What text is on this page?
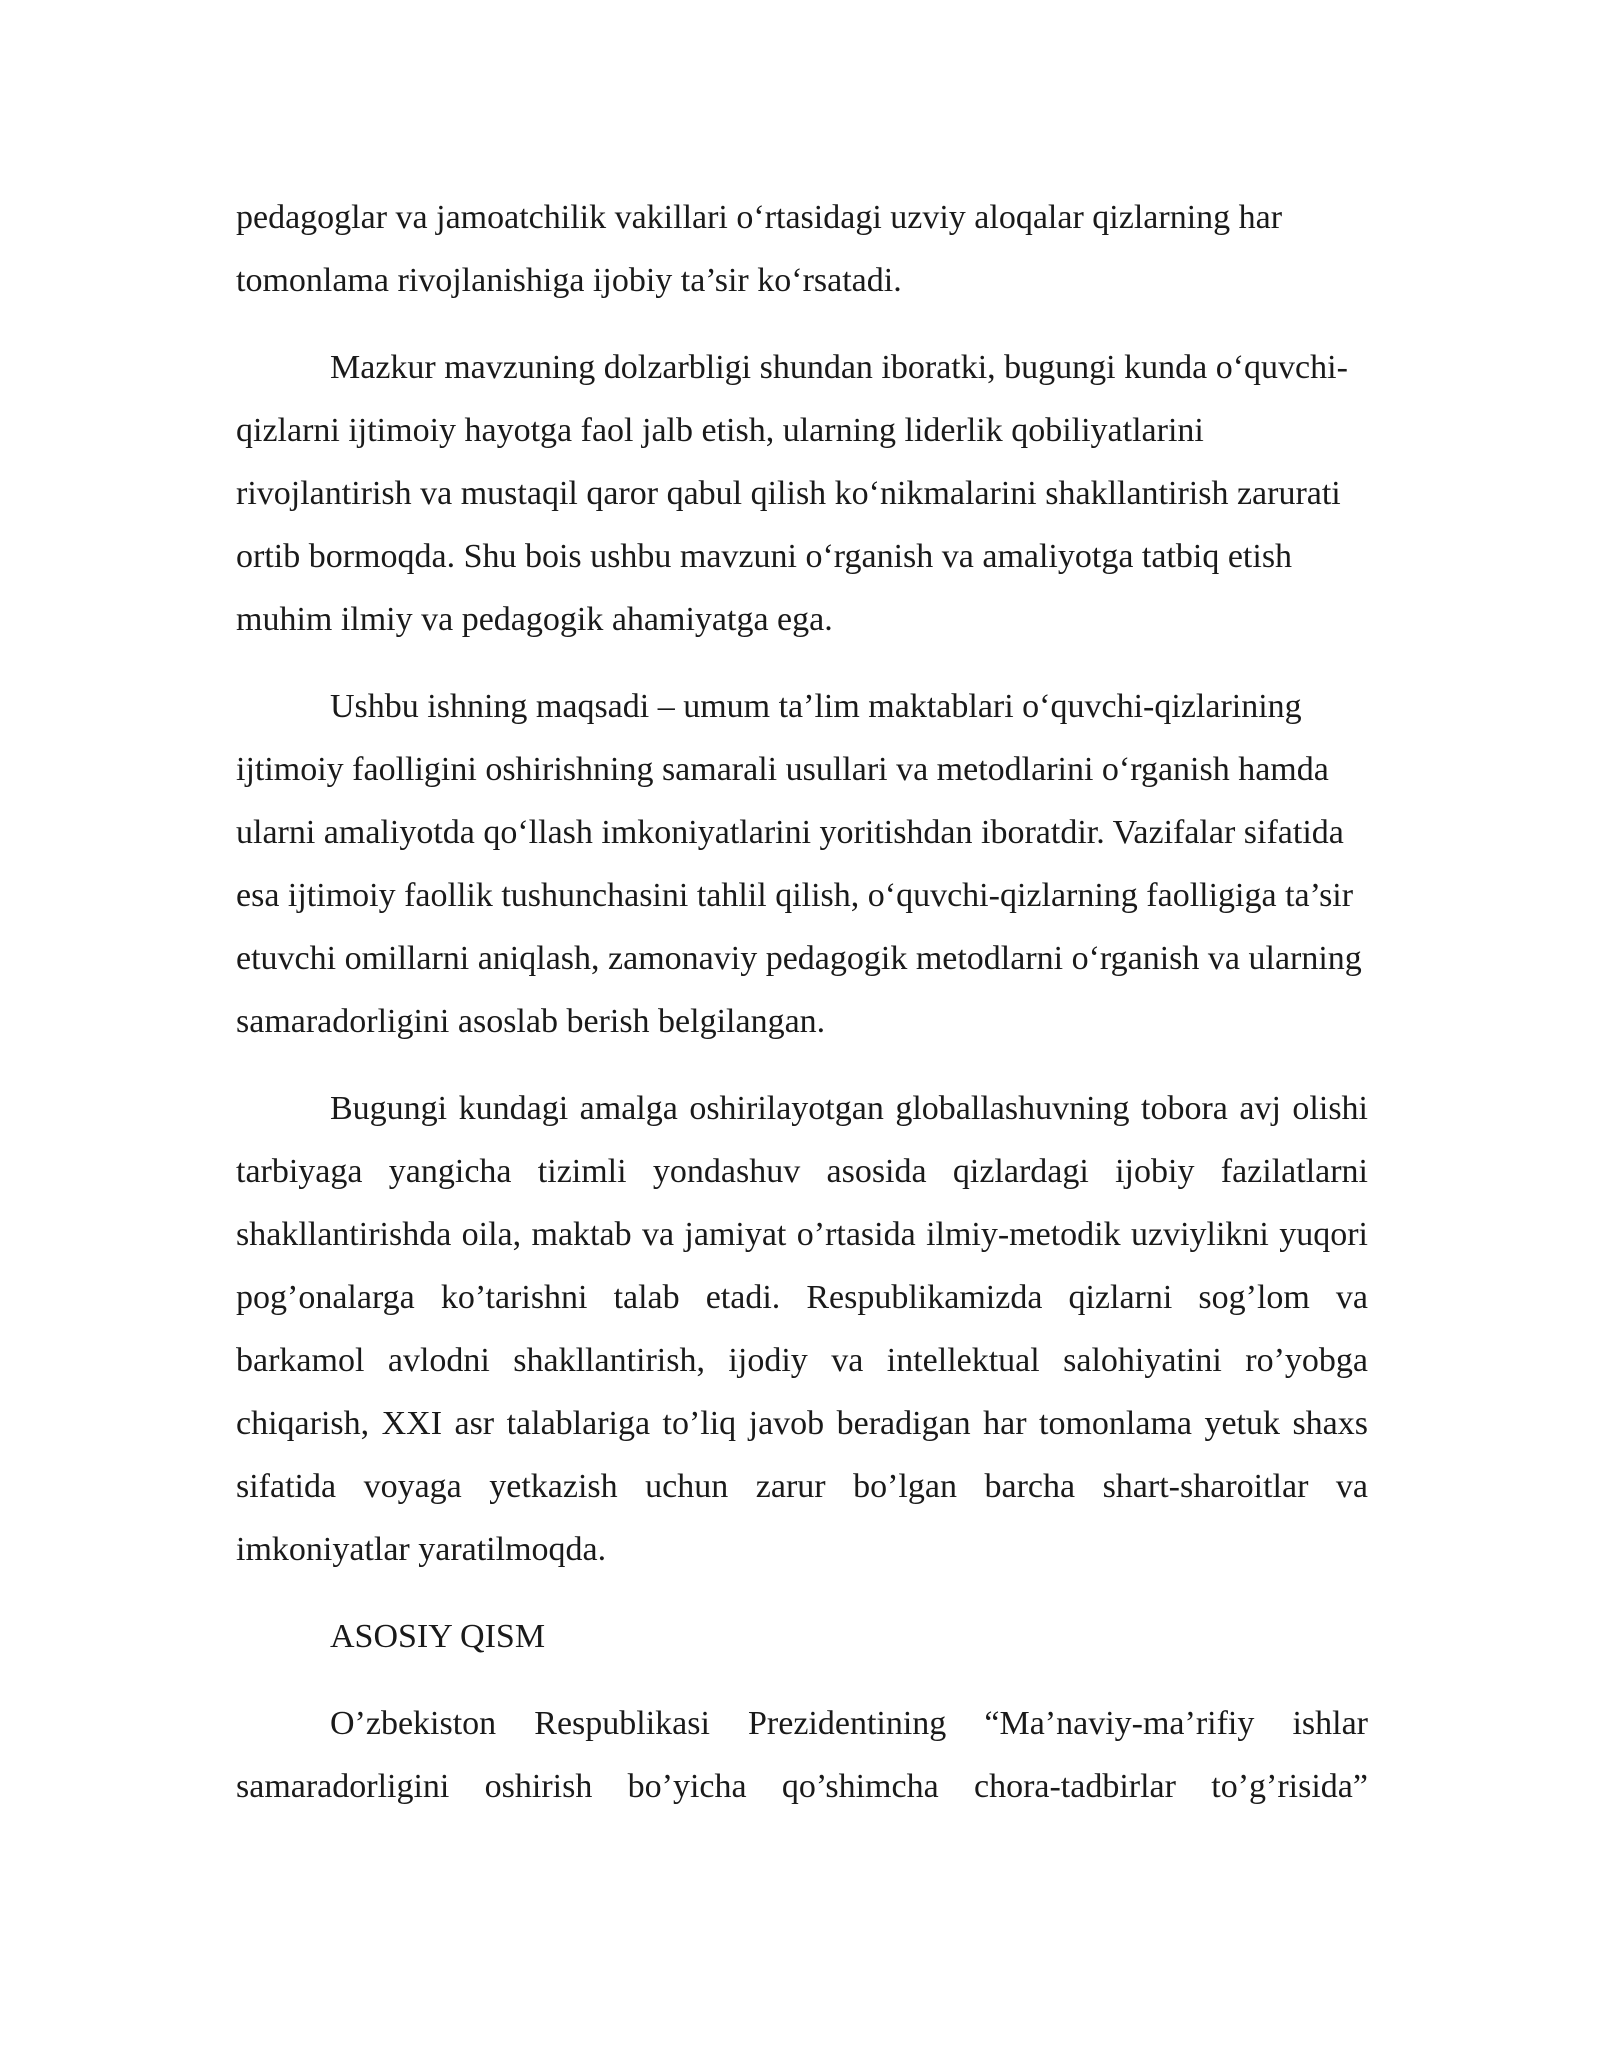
pedagoglar va jamoatchilik vakillari o‘rtasidagi uzviy aloqalar qizlarning har tomonlama rivojlanishiga ijobiy ta’sir ko‘rsatadi.

Mazkur mavzuning dolzarbligi shundan iboratki, bugungi kunda o‘quvchi-qizlarni ijtimoiy hayotga faol jalb etish, ularning liderlik qobiliyatlarini rivojlantirish va mustaqil qaror qabul qilish ko‘nikmalarini shakllantirish zarurati ortib bormoqda. Shu bois ushbu mavzuni o‘rganish va amaliyotga tatbiq etish muhim ilmiy va pedagogik ahamiyatga ega.

Ushbu ishning maqsadi – umum ta’lim maktablari o‘quvchi-qizlarining ijtimoiy faolligini oshirishning samarali usullari va metodlarini o‘rganish hamda ularni amaliyotda qo‘llash imkoniyatlarini yoritishdan iboratdir. Vazifalar sifatida esa ijtimoiy faollik tushunchasini tahlil qilish, o‘quvchi-qizlarning faolligiga ta’sir etuvchi omillarni aniqlash, zamonaviy pedagogik metodlarni o‘rganish va ularning samaradorligini asoslab berish belgilangan.

Bugungi kundagi amalga oshirilayotgan globallashuvning tobora avj olishi tarbiyaga yangicha tizimli yondashuv asosida qizlardagi ijobiy fazilatlarni shakllantirishda oila, maktab va jamiyat o’rtasida ilmiy-metodik uzviylikni yuqori pog’onalarga ko’tarishni talab etadi. Respublikamizda qizlarni sog’lom va barkamol avlodni shakllantirish, ijodiy va intellektual salohiyatini ro’yobga chiqarish, XXI asr talablariga to’liq javob beradigan har tomonlama yetuk shaxs sifatida voyaga yetkazish uchun zarur bo’lgan barcha shart-sharoitlar va imkoniyatlar yaratilmoqda.

ASOSIY QISM

O’zbekiston Respublikasi Prezidentining “Ma’naviy-ma’rifiy ishlar samaradorligini oshirish bo’yicha qo’shimcha chora-tadbirlar to’g’risida”
